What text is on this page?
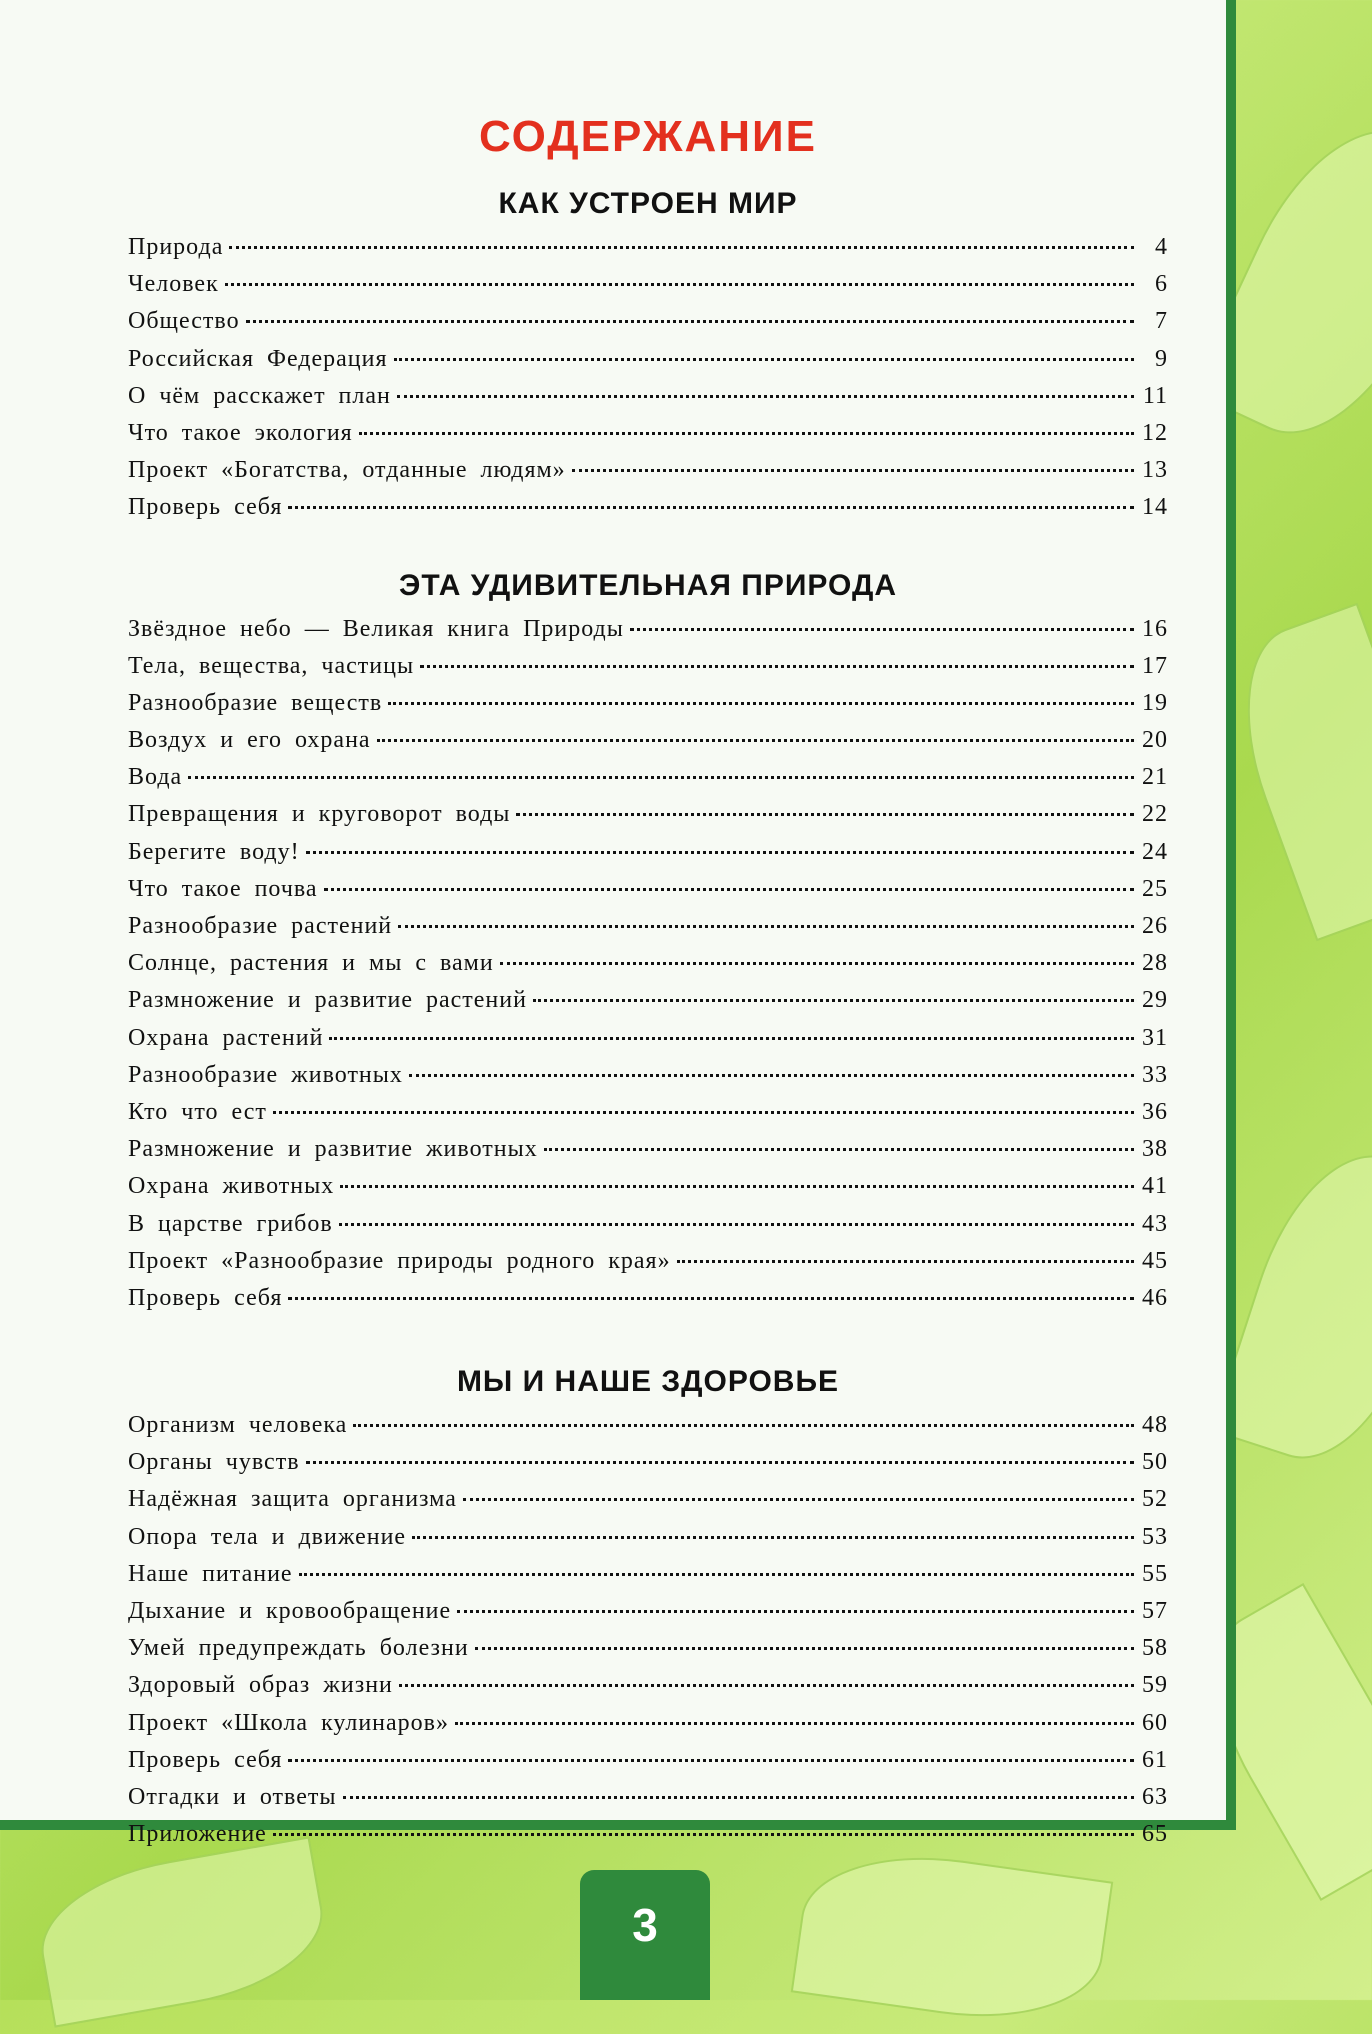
СОДЕРЖАНИЕ
КАК УСТРОЕН МИР
Природа	4
Человек	6
Общество	7
Российская Федерация	9
О чём расскажет план	11
Что такое экология	12
Проект «Богатства, отданные людям»	13
Проверь себя	14
ЭТА УДИВИТЕЛЬНАЯ ПРИРОДА
Звёздное небо — Великая книга Природы	16
Тела, вещества, частицы	17
Разнообразие веществ	19
Воздух и его охрана	20
Вода	21
Превращения и круговорот воды	22
Берегите воду!	24
Что такое почва	25
Разнообразие растений	26
Солнце, растения и мы с вами	28
Размножение и развитие растений	29
Охрана растений	31
Разнообразие животных	33
Кто что ест	36
Размножение и развитие животных	38
Охрана животных	41
В царстве грибов	43
Проект «Разнообразие природы родного края»	45
Проверь себя	46
МЫ И НАШЕ ЗДОРОВЬЕ
Организм человека	48
Органы чувств	50
Надёжная защита организма	52
Опора тела и движение	53
Наше питание	55
Дыхание и кровообращение	57
Умей предупреждать болезни	58
Здоровый образ жизни	59
Проект «Школа кулинаров»	60
Проверь себя	61
Отгадки и ответы	63
Приложение	65
3
